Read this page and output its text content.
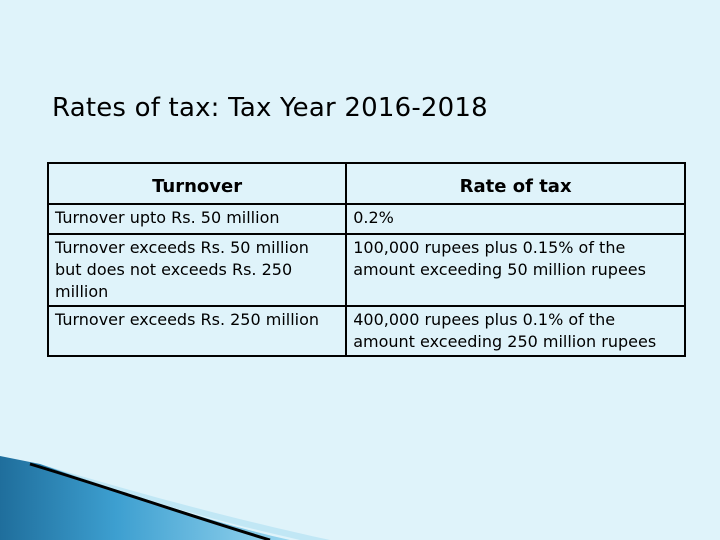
Rates of tax: Tax Year 2016-2018
Turnover	Rate of tax
Turnover upto Rs. 50 million	0.2%
Turnover exceeds Rs. 50 million but does not exceeds Rs. 250 million	100,000 rupees plus 0.15% of the amount exceeding 50 million rupees
Turnover exceeds Rs. 250 million	400,000 rupees plus 0.1% of the amount exceeding 250 million rupees
